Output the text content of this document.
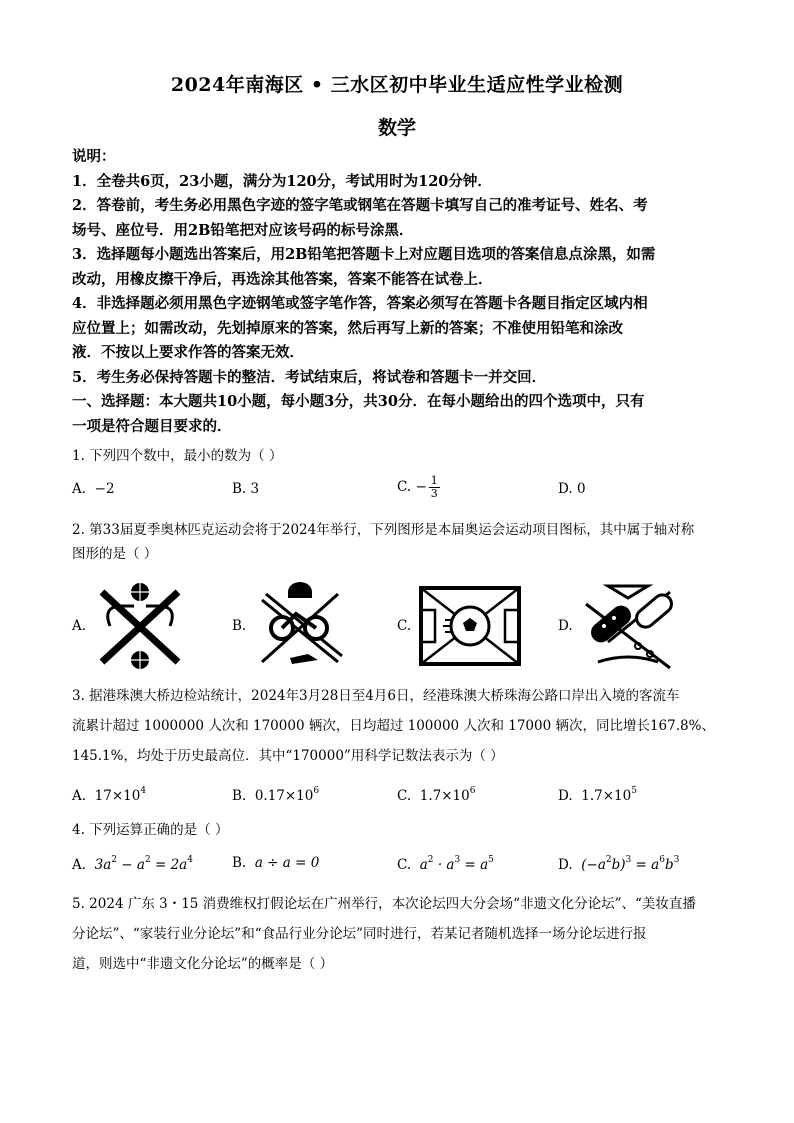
2024年南海区 • 三水区初中毕业生适应性学业检测
数学
说明：
1．全卷共6页，23小题，满分为120分，考试用时为120分钟．
2．答卷前，考生务必用黑色字迹的签字笔或钢笔在答题卡填写自己的准考证号、姓名、考
场号、座位号．用2B铅笔把对应该号码的标号涂黑．
3．选择题每小题选出答案后，用2B铅笔把答题卡上对应题目选项的答案信息点涂黑，如需
改动，用橡皮擦干净后，再选涂其他答案，答案不能答在试卷上．
4．非选择题必须用黑色字迹钢笔或签字笔作答，答案必须写在答题卡各题目指定区域内相
应位置上；如需改动，先划掉原来的答案，然后再写上新的答案；不准使用铅笔和涂改
液．不按以上要求作答的答案无效．
5．考生务必保持答题卡的整洁．考试结束后，将试卷和答题卡一并交回．
一、选择题：本大题共10小题，每小题3分，共30分．在每小题给出的四个选项中，只有
一项是符合题目要求的．
1. 下列四个数中，最小的数为（ ）
A. −2	B. 3	C. − $\frac{1}{3}$	D. 0
2. 第33届夏季奥林匹克运动会将于2024年举行，下列图形是本届奥运会运动项目图标，其中属于轴对称
图形的是（ ）
A.	B.	C.	D.
3. 据港珠澳大桥边检站统计，2024年3月28日至4月6日，经港珠澳大桥珠海公路口岸出入境的客流车
流累计超过 1000000 人次和 170000 辆次，日均超过 100000 人次和 17000 辆次，同比增长167.8%、
145.1%，均处于历史最高位．其中“170000”用科学记数法表示为（ ）
A. $17\times 10^4$	B. $0.17\times 10^6$	C. $1.7\times 10^6$	D. $1.7\times 10^5$
4. 下列运算正确的是（ ）
A. $3a^2 - a^2 = 2a^4$	B. a ÷ a = 0	C. $a^2 \cdot a^3 = a^5$	D. $(-a^2b)^3 = a^6b^3$
5. 2024 广东 3・15 消费维权打假论坛在广州举行，本次论坛四大分会场“非遗文化分论坛”、“美妆直播
分论坛”、“家装行业分论坛”和“食品行业分论坛”同时进行，若某记者随机选择一场分论坛进行报
道，则选中“非遗文化分论坛”的概率是（ ）
